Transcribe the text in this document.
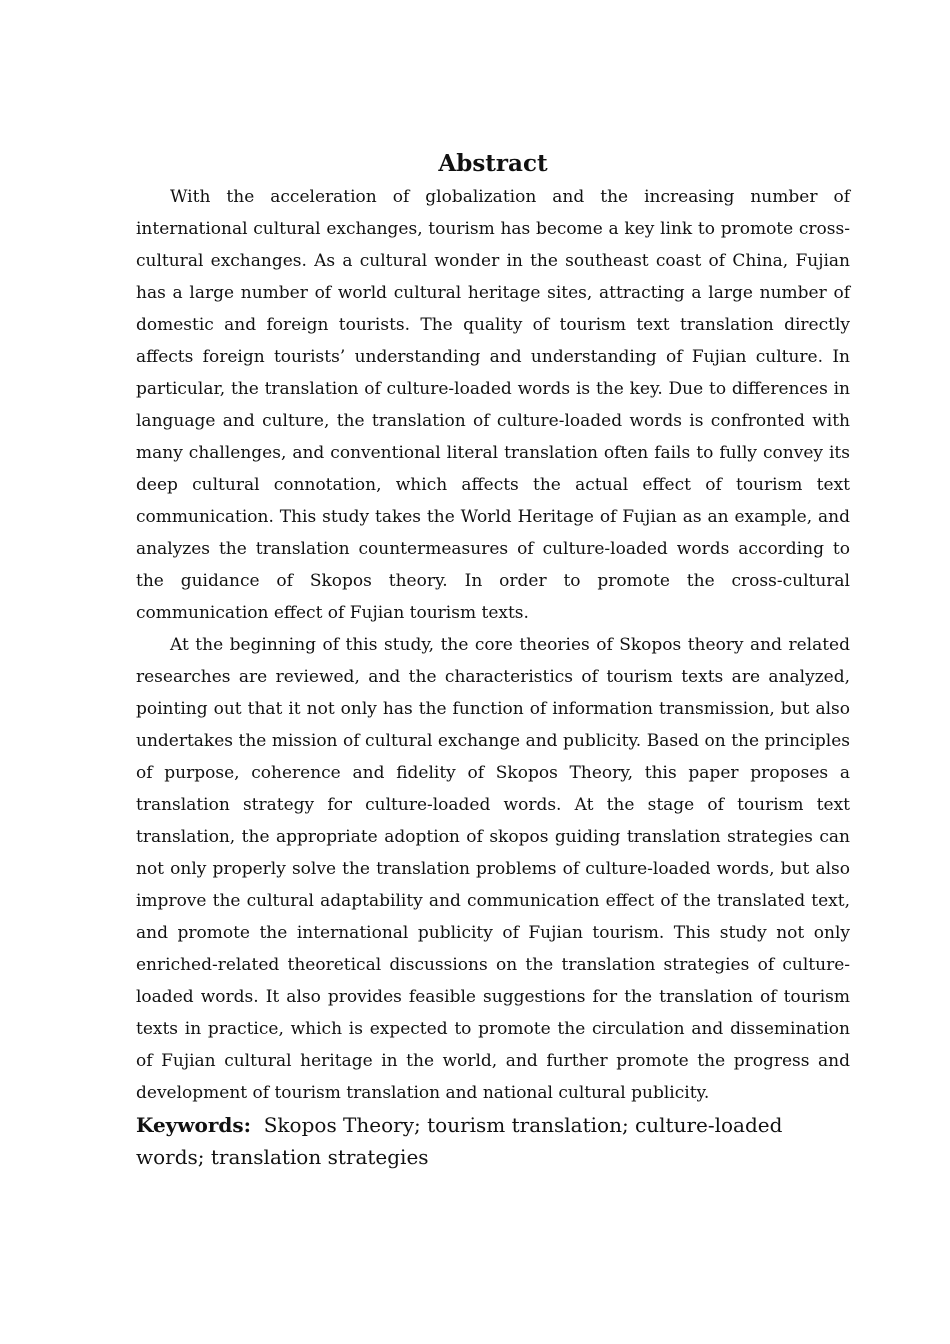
Abstract

With the acceleration of globalization and the increasing number of international cultural exchanges, tourism has become a key link to promote cross-cultural exchanges. As a cultural wonder in the southeast coast of China, Fujian has a large number of world cultural heritage sites, attracting a large number of domestic and foreign tourists. The quality of tourism text translation directly affects foreign tourists’ understanding and understanding of Fujian culture. In particular, the translation of culture-loaded words is the key. Due to differences in language and culture, the translation of culture-loaded words is confronted with many challenges, and conventional literal translation often fails to fully convey its deep cultural connotation, which affects the actual effect of tourism text communication. This study takes the World Heritage of Fujian as an example, and analyzes the translation countermeasures of culture-loaded words according to the guidance of Skopos theory. In order to promote the cross-cultural communication effect of Fujian tourism texts.

At the beginning of this study, the core theories of Skopos theory and related researches are reviewed, and the characteristics of tourism texts are analyzed, pointing out that it not only has the function of information transmission, but also undertakes the mission of cultural exchange and publicity. Based on the principles of purpose, coherence and fidelity of Skopos Theory, this paper proposes a translation strategy for culture-loaded words. At the stage of tourism text translation, the appropriate adoption of skopos guiding translation strategies can not only properly solve the translation problems of culture-loaded words, but also improve the cultural adaptability and communication effect of the translated text, and promote the international publicity of Fujian tourism. This study not only enriched-related theoretical discussions on the translation strategies of culture-loaded words. It also provides feasible suggestions for the translation of tourism texts in practice, which is expected to promote the circulation and dissemination of Fujian cultural heritage in the world, and further promote the progress and development of tourism translation and national cultural publicity.

Keywords: Skopos Theory; tourism translation; culture-loaded words; translation strategies
